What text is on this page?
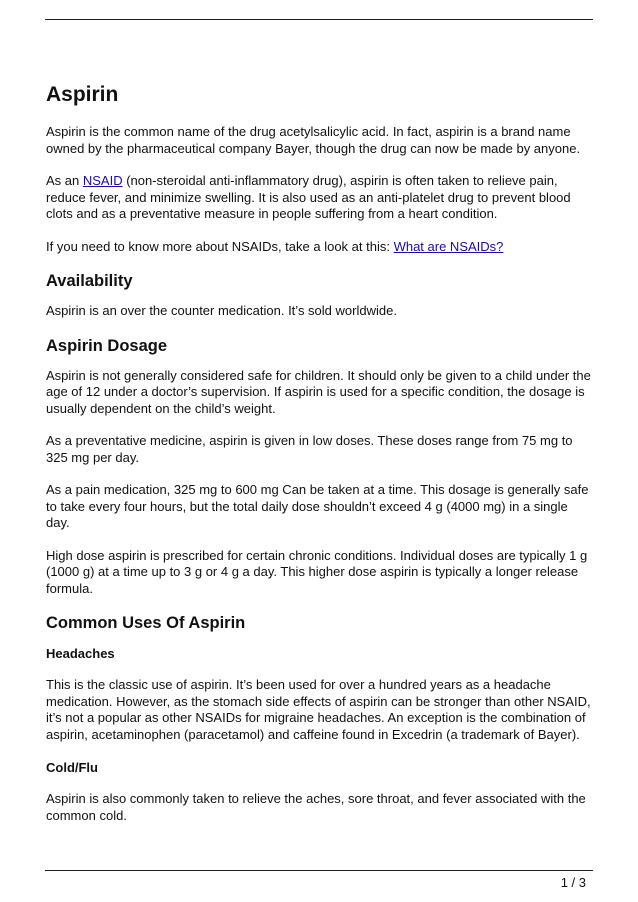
Aspirin

Aspirin is the common name of the drug acetylsalicylic acid. In fact, aspirin is a brand name owned by the pharmaceutical company Bayer, though the drug can now be made by anyone.

As an NSAID (non-steroidal anti-inflammatory drug), aspirin is often taken to relieve pain, reduce fever, and minimize swelling. It is also used as an anti-platelet drug to prevent blood clots and as a preventative measure in people suffering from a heart condition.

If you need to know more about NSAIDs, take a look at this: What are NSAIDs?

Availability

Aspirin is an over the counter medication. It’s sold worldwide.

Aspirin Dosage

Aspirin is not generally considered safe for children. It should only be given to a child under the age of 12 under a doctor’s supervision. If aspirin is used for a specific condition, the dosage is usually dependent on the child’s weight.

As a preventative medicine, aspirin is given in low doses. These doses range from 75 mg to 325 mg per day.

As a pain medication, 325 mg to 600 mg Can be taken at a time. This dosage is generally safe to take every four hours, but the total daily dose shouldn’t exceed 4 g (4000 mg) in a single day.

High dose aspirin is prescribed for certain chronic conditions. Individual doses are typically 1 g (1000 g) at a time up to 3 g or 4 g a day. This higher dose aspirin is typically a longer release formula.

Common Uses Of Aspirin
Headaches

This is the classic use of aspirin. It’s been used for over a hundred years as a headache medication. However, as the stomach side effects of aspirin can be stronger than other NSAID, it’s not a popular as other NSAIDs for migraine headaches. An exception is the combination of aspirin, acetaminophen (paracetamol) and caffeine found in Excedrin (a trademark of Bayer).

Cold/Flu

Aspirin is also commonly taken to relieve the aches, sore throat, and fever associated with the common cold.

1 / 3
